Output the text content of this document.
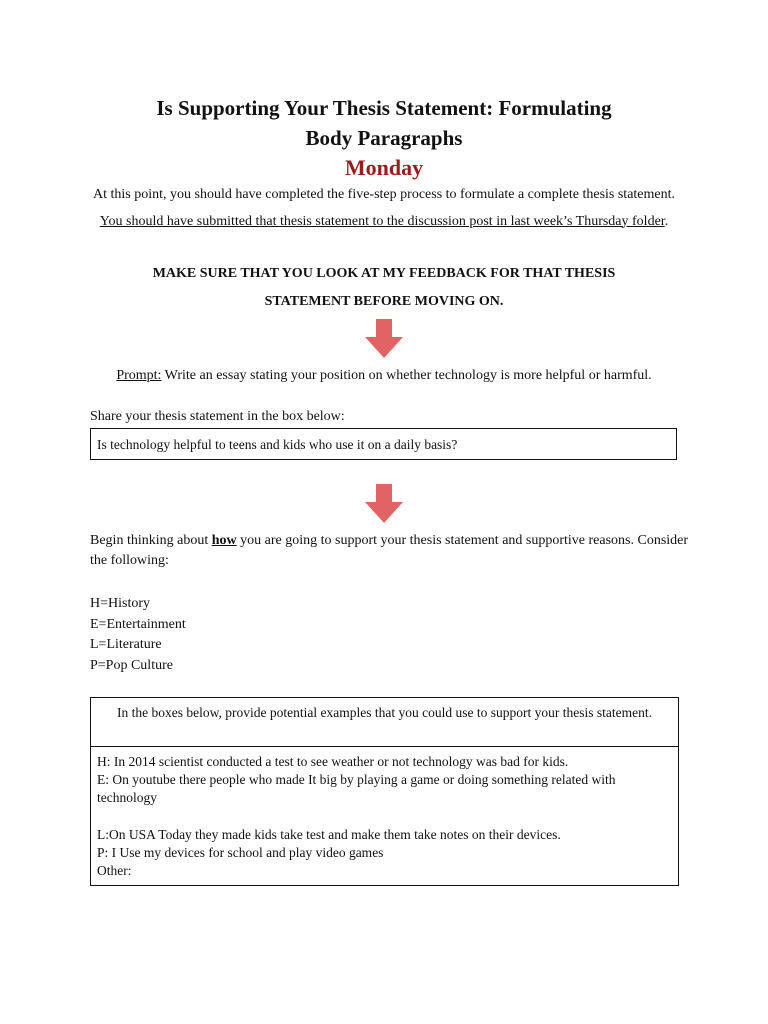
Is Supporting Your Thesis Statement: Formulating
Body Paragraphs
Monday
At this point, you should have completed the five-step process to formulate a complete thesis statement. You should have submitted that thesis statement to the discussion post in last week’s Thursday folder.
MAKE SURE THAT YOU LOOK AT MY FEEDBACK FOR THAT THESIS
STATEMENT BEFORE MOVING ON.
Prompt: Write an essay stating your position on whether technology is more helpful or harmful.
Share your thesis statement in the box below:
Is technology helpful to teens and kids who use it on a daily basis?
Begin thinking about how you are going to support your thesis statement and supportive reasons. Consider the following:
H=History
E=Entertainment
L=Literature
P=Pop Culture
In the boxes below, provide potential examples that you could use to support your thesis statement.
H: In 2014 scientist conducted a test to see weather or not technology was bad for kids.
E: On youtube there people who made It big by playing a game or doing something related with technology
L:On USA Today they made kids take test and make them take notes on their devices.
P: I Use my devices for school and play video games
Other:
